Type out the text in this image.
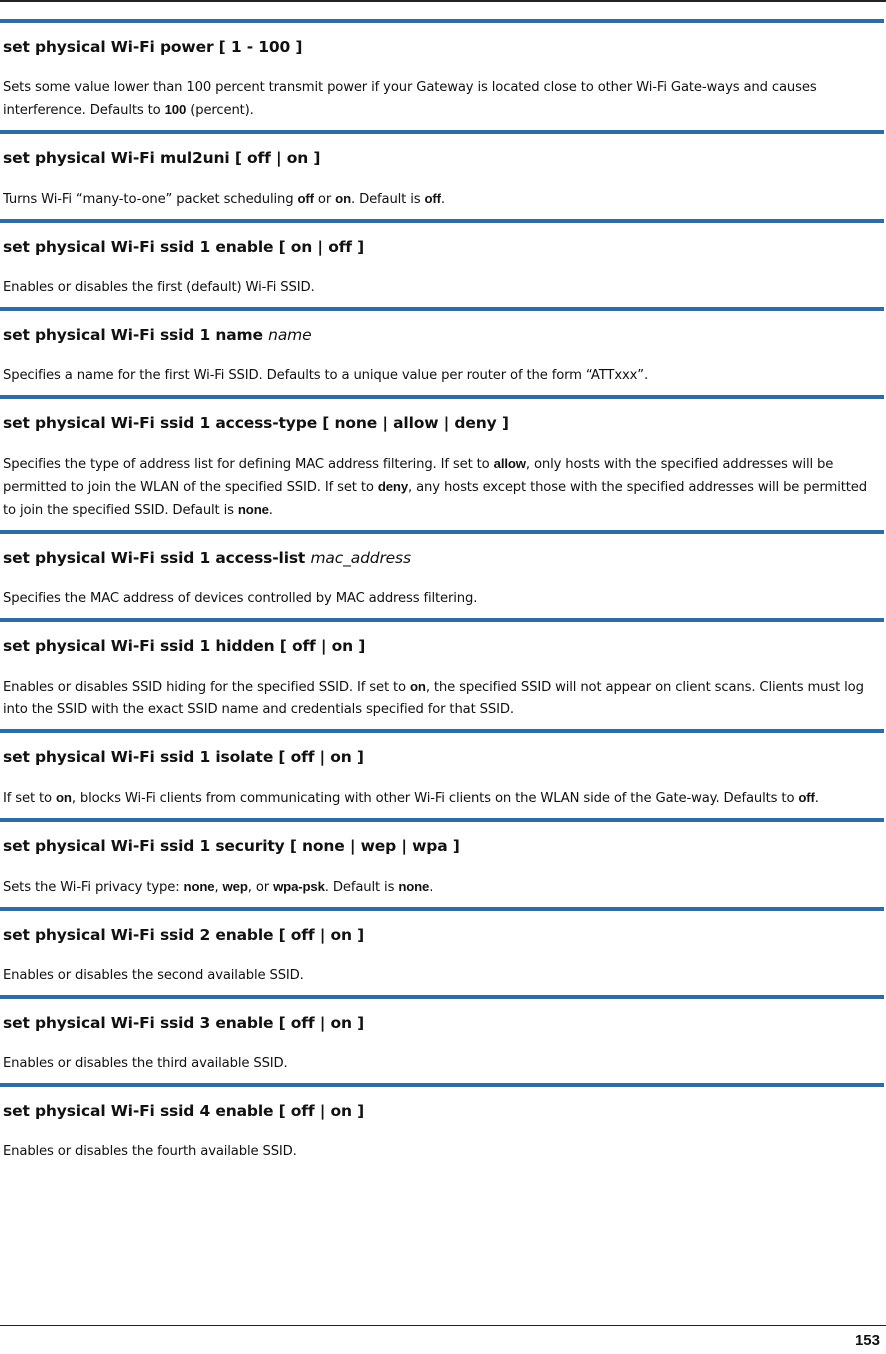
set physical Wi-Fi power [ 1 - 100 ]
Sets some value lower than 100 percent transmit power if your Gateway is located close to other Wi-Fi Gate-ways and causes interference. Defaults to 100 (percent).
set physical Wi-Fi mul2uni [ off | on ]
Turns Wi-Fi “many-to-one” packet scheduling off or on. Default is off.
set physical Wi-Fi ssid 1 enable [ on | off ]
Enables or disables the first (default) Wi-Fi SSID.
set physical Wi-Fi ssid 1 name name
Specifies a name for the first Wi-Fi SSID. Defaults to a unique value per router of the form “ATTxxx”.
set physical Wi-Fi ssid 1 access-type [ none | allow | deny ]
Specifies the type of address list for defining MAC address filtering. If set to allow, only hosts with the specified addresses will be permitted to join the WLAN of the specified SSID. If set to deny, any hosts except those with the specified addresses will be permitted to join the specified SSID. Default is none.
set physical Wi-Fi ssid 1 access-list mac_address
Specifies the MAC address of devices controlled by MAC address filtering.
set physical Wi-Fi ssid 1 hidden [ off | on ]
Enables or disables SSID hiding for the specified SSID. If set to on, the specified SSID will not appear on client scans. Clients must log into the SSID with the exact SSID name and credentials specified for that SSID.
set physical Wi-Fi ssid 1 isolate [ off | on ]
If set to on, blocks Wi-Fi clients from communicating with other Wi-Fi clients on the WLAN side of the Gate-way. Defaults to off.
set physical Wi-Fi ssid 1 security [ none | wep | wpa ]
Sets the Wi-Fi privacy type: none, wep, or wpa-psk. Default is none.
set physical Wi-Fi ssid 2 enable [ off | on ]
Enables or disables the second available SSID.
set physical Wi-Fi ssid 3 enable [ off | on ]
Enables or disables the third available SSID.
set physical Wi-Fi ssid 4 enable [ off | on ]
Enables or disables the fourth available SSID.
153
